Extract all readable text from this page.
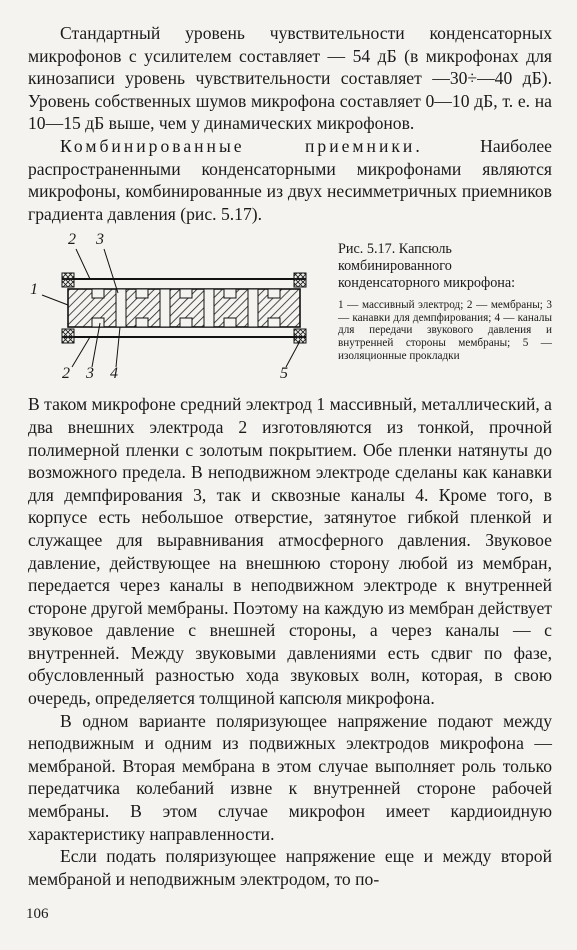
Стандартный уровень чувствительности конденсаторных микрофонов с усилителем составляет — 54 дБ (в микрофонах для кинозаписи уровень чувствительности составляет —30÷—40 дБ). Уровень собственных шумов микрофона составляет 0—10 дБ, т. е. на 10—15 дБ выше, чем у динамических микрофонов.

Комбинированные приемники. Наиболее распространенными конденсаторными микрофонами являются микрофоны, комбинированные из двух несимметричных приемников градиента давления (рис. 5.17).

2 3
1
2 3 4	5

Рис. 5.17. Капсюль комбинированного конденсаторного микрофона:

1 — массивный электрод; 2 — мембраны; 3 — канавки для демпфирования; 4 — каналы для передачи звукового давления и внутренней стороны мембраны; 5 — изоляционные прокладки

В таком микрофоне средний электрод 1 массивный, металлический, а два внешних электрода 2 изготовляются из тонкой, прочной полимерной пленки с золотым покрытием. Обе пленки натянуты до возможного предела. В неподвижном электроде сделаны как канавки для демпфирования 3, так и сквозные каналы 4. Кроме того, в корпусе есть небольшое отверстие, затянутое гибкой пленкой и служащее для выравнивания атмосферного давления. Звуковое давление, действующее на внешнюю сторону любой из мембран, передается через каналы в неподвижном электроде к внутренней стороне другой мембраны. Поэтому на каждую из мембран действует звуковое давление с внешней стороны, а через каналы — с внутренней. Между звуковыми давлениями есть сдвиг по фазе, обусловленный разностью хода звуковых волн, которая, в свою очередь, определяется толщиной капсюля микрофона.

В одном варианте поляризующее напряжение подают между неподвижным и одним из подвижных электродов микрофона — мембраной. Вторая мембрана в этом случае выполняет роль только передатчика колебаний извне к внутренней стороне рабочей мембраны. В этом случае микрофон имеет кардиоидную характеристику направленности.

Если подать поляризующее напряжение еще и между второй мембраной и неподвижным электродом, то по-

106
